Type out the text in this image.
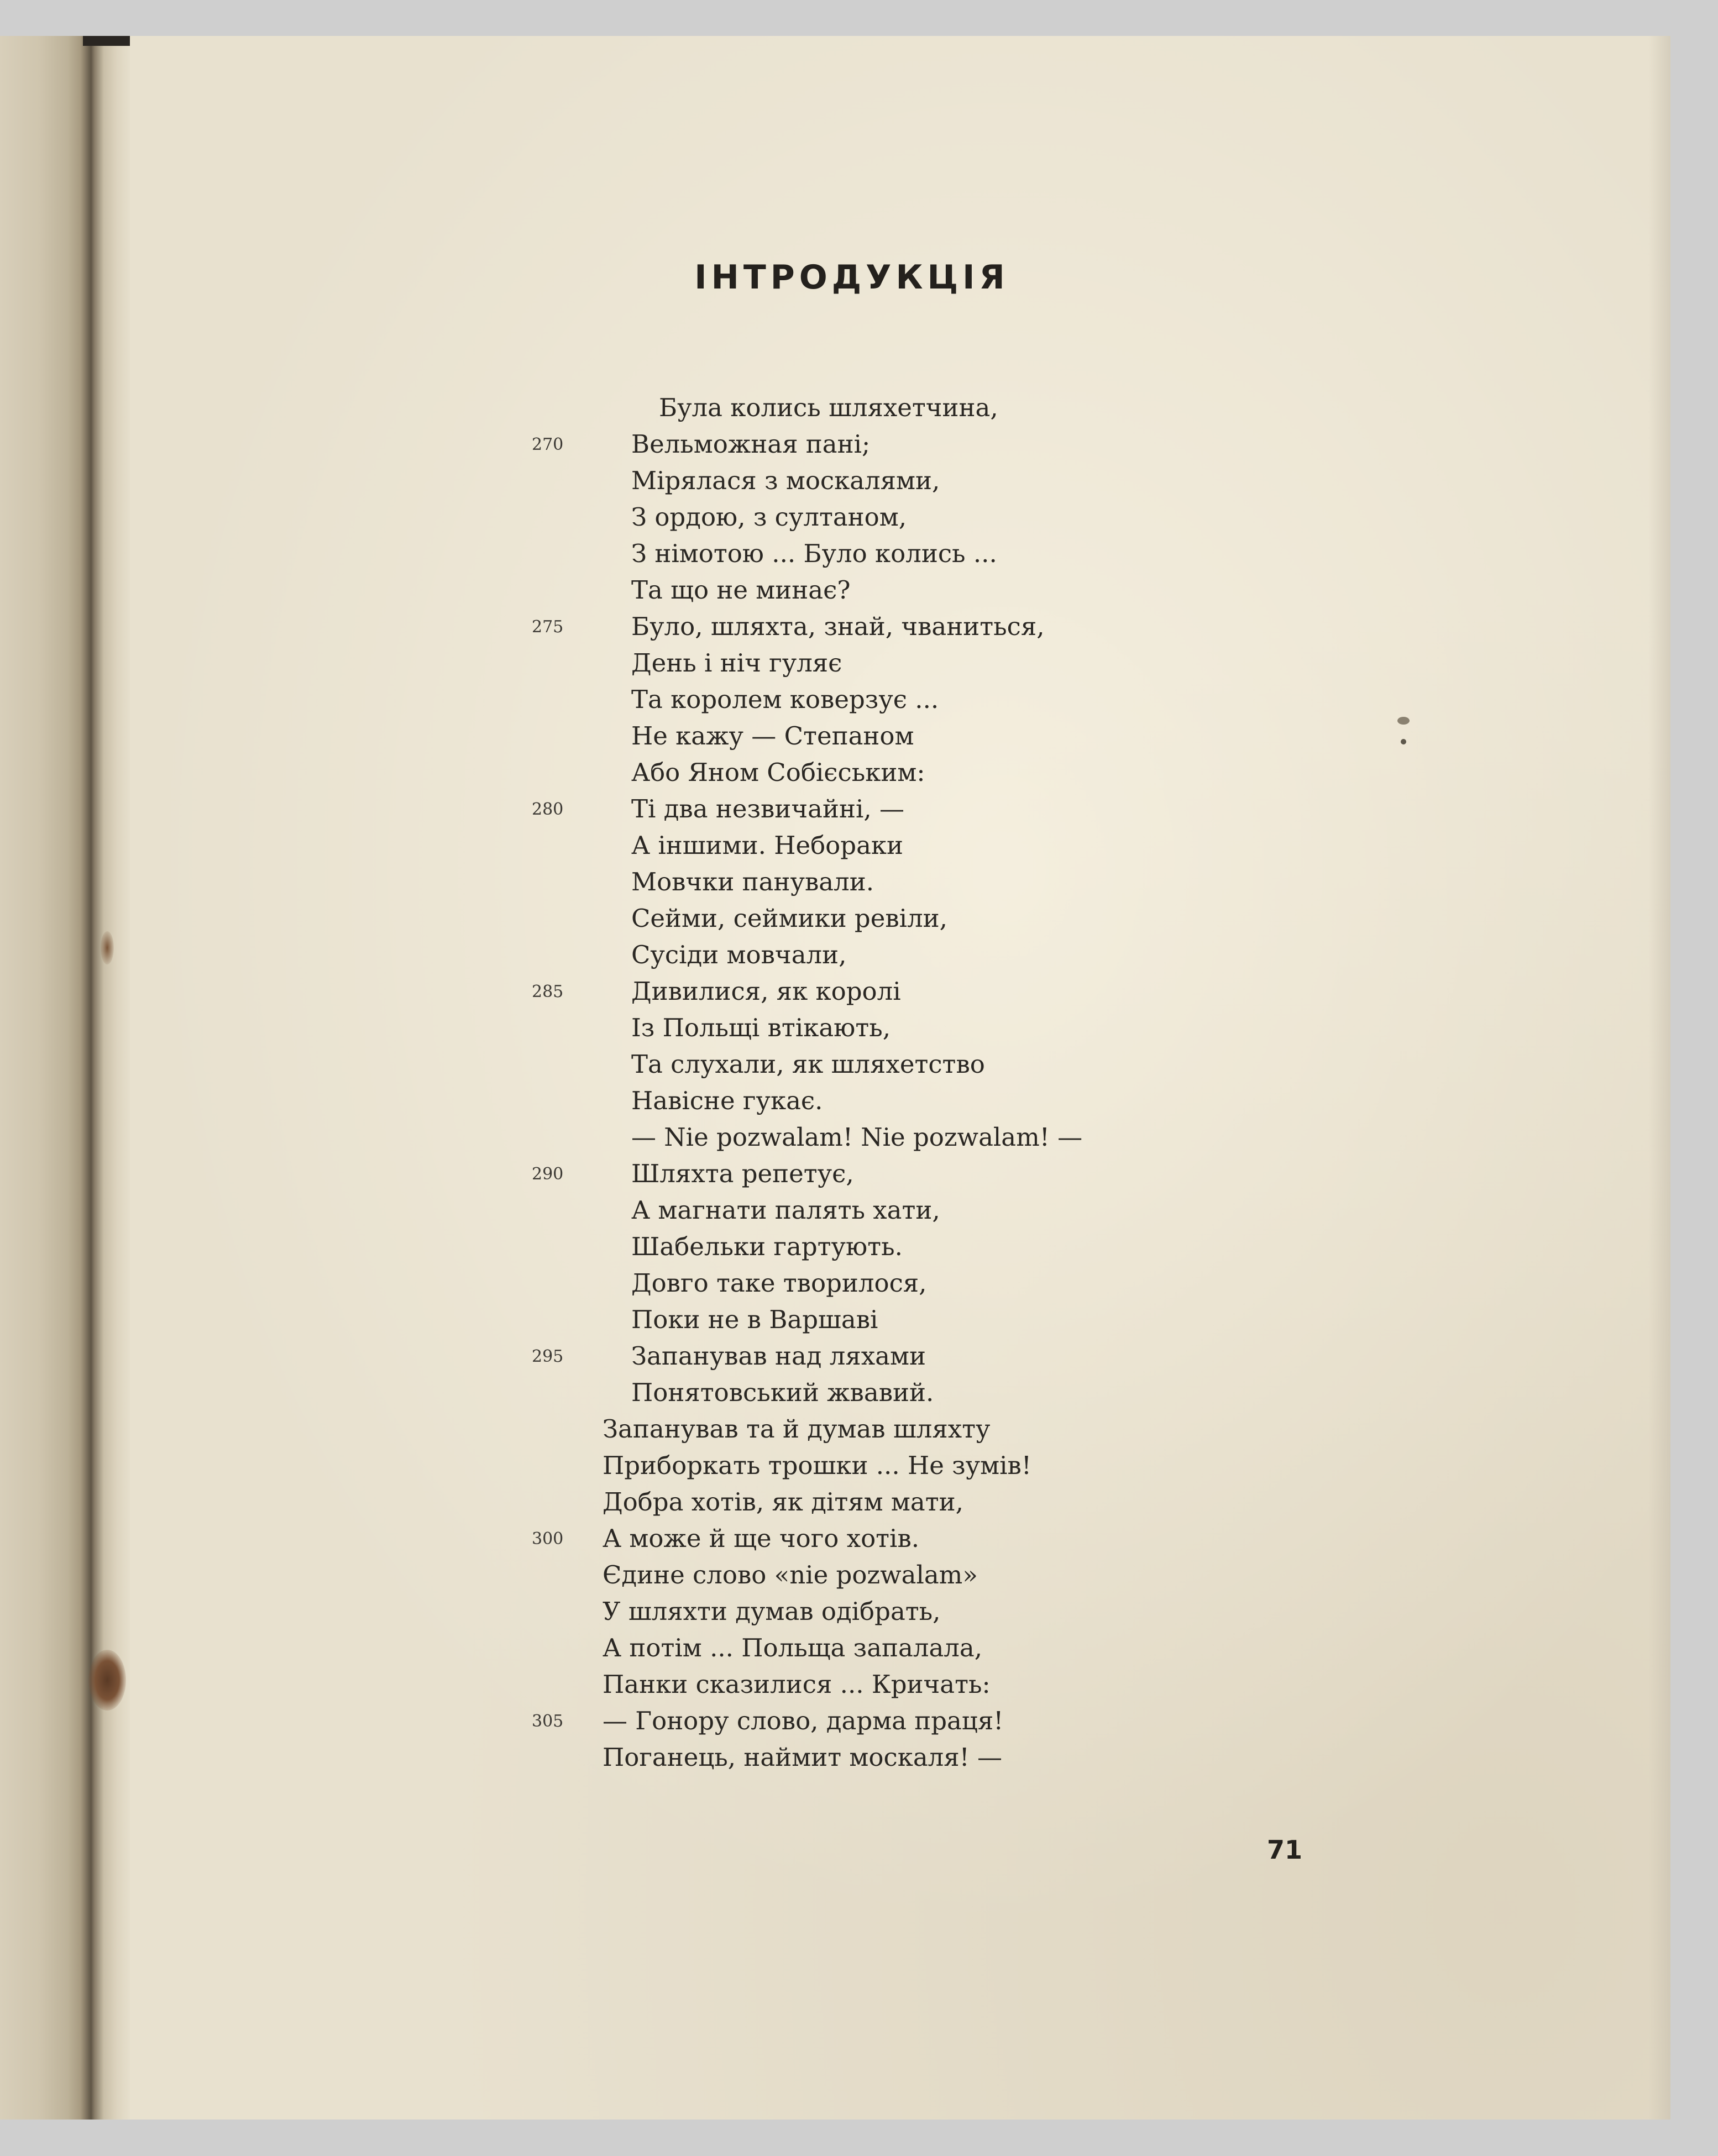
ІНТРОДУКЦІЯ
Була колись шляхетчина,
270	Вельможная пані;
Мірялася з москалями,
З ордою, з султаном,
З німотою ... Було колись ...
Та що не минає?
275	Було, шляхта, знай, чваниться,
День і ніч гуляє
Та королем коверзує ...
Не кажу — Степаном
Або Яном Собієським:
280	Ті два незвичайні, —
А іншими. Небораки
Мовчки панували.
Сейми, сеймики ревіли,
Сусіди мовчали,
285	Дивилися, як королі
Із Польщі втікають,
Та слухали, як шляхетство
Навісне гукає.
— Nie pozwalam! Nie pozwalam! —
290	Шляхта репетує,
А магнати палять хати,
Шабельки гартують.
Довго таке творилося,
Поки не в Варшаві
295	Запанував над ляхами
Понятовський жвавий.
Запанував та й думав шляхту
Приборкать трошки ... Не зумів!
Добра хотів, як дітям мати,
300 А може й ще чого хотів.
Єдине слово «nie pozwalam»
У шляхти думав одібрать,
А потім ... Польща запалала,
Панки сказилися ... Кричать:
305 — Гонору слово, дарма праця!
Поганець, наймит москаля! —
71
